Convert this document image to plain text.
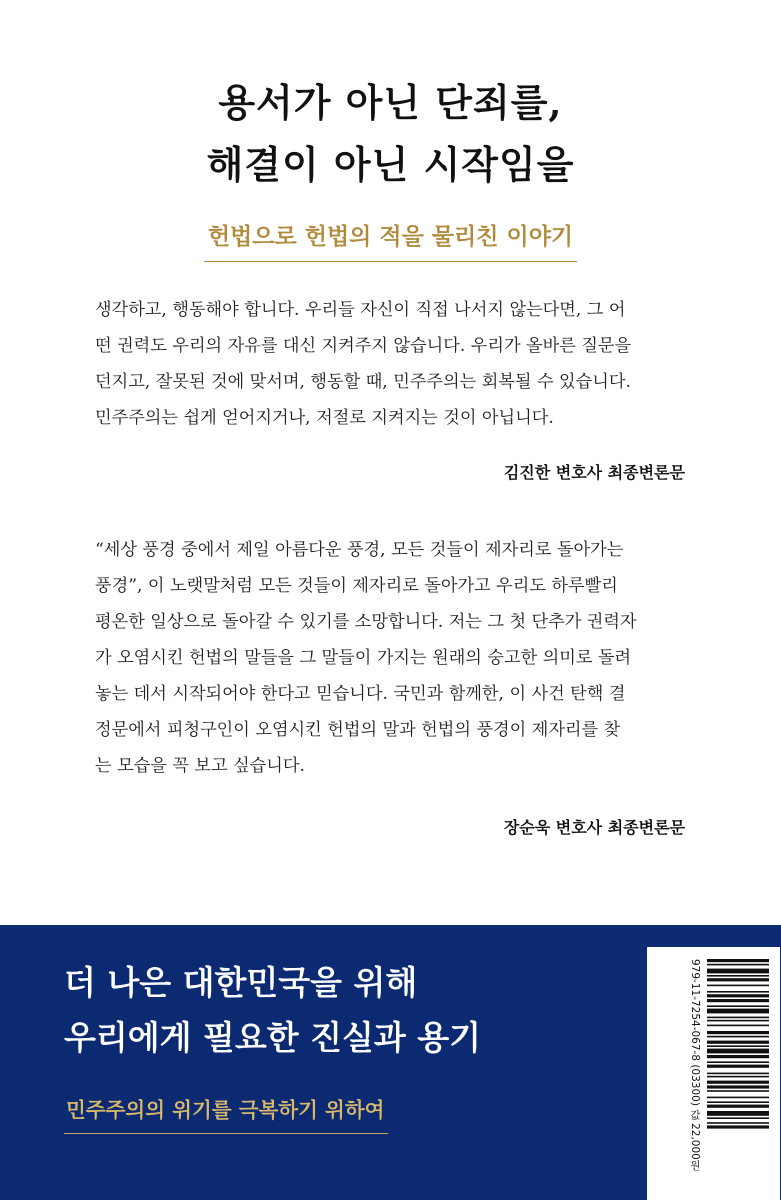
용서가 아닌 단죄를,
해결이 아닌 시작임을
헌법으로 헌법의 적을 물리친 이야기
생각하고, 행동해야 합니다. 우리들 자신이 직접 나서지 않는다면, 그 어
떤 권력도 우리의 자유를 대신 지켜주지 않습니다. 우리가 올바른 질문을
던지고, 잘못된 것에 맞서며, 행동할 때, 민주주의는 회복될 수 있습니다.
민주주의는 쉽게 얻어지거나, 저절로 지켜지는 것이 아닙니다.
김진한 변호사 최종변론문
“세상 풍경 중에서 제일 아름다운 풍경, 모든 것들이 제자리로 돌아가는
풍경”, 이 노랫말처럼 모든 것들이 제자리로 돌아가고 우리도 하루빨리
평온한 일상으로 돌아갈 수 있기를 소망합니다. 저는 그 첫 단추가 권력자
가 오염시킨 헌법의 말들을 그 말들이 가지는 원래의 숭고한 의미로 돌려
놓는 데서 시작되어야 한다고 믿습니다. 국민과 함께한, 이 사건 탄핵 결
정문에서 피청구인이 오염시킨 헌법의 말과 헌법의 풍경이 제자리를 찾
는 모습을 꼭 보고 싶습니다.
장순욱 변호사 최종변론문
더 나은 대한민국을 위해
우리에게 필요한 진실과 용기
민주주의의 위기를 극복하기 위하여	979-11-7254-067-8 (03300) 값 22,000원
